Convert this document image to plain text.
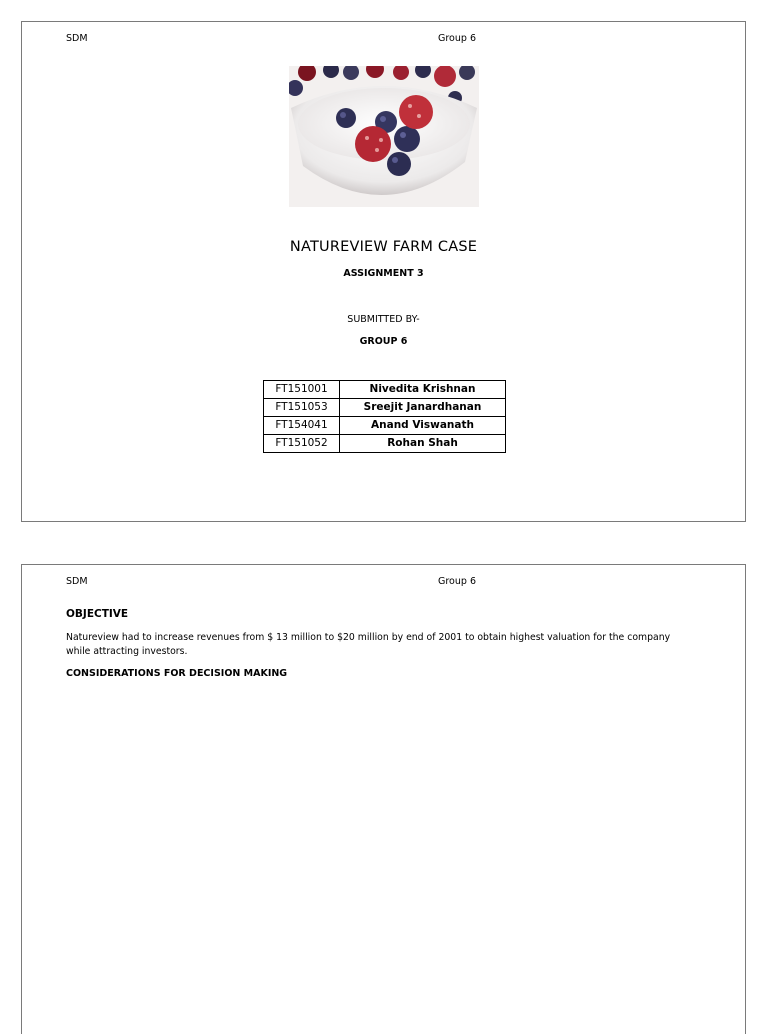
SDM	Group 6
NATUREVIEW FARM CASE
ASSIGNMENT 3
SUBMITTED BY-
GROUP 6
FT151001	Nivedita Krishnan
FT151053	Sreejit Janardhanan
FT154041	Anand Viswanath
FT151052	Rohan Shah
SDM	Group 6
OBJECTIVE
Natureview had to increase revenues from $ 13 million to $20 million by end of 2001 to obtain highest valuation for the company while attracting investors.
CONSIDERATIONS FOR DECISION MAKING
